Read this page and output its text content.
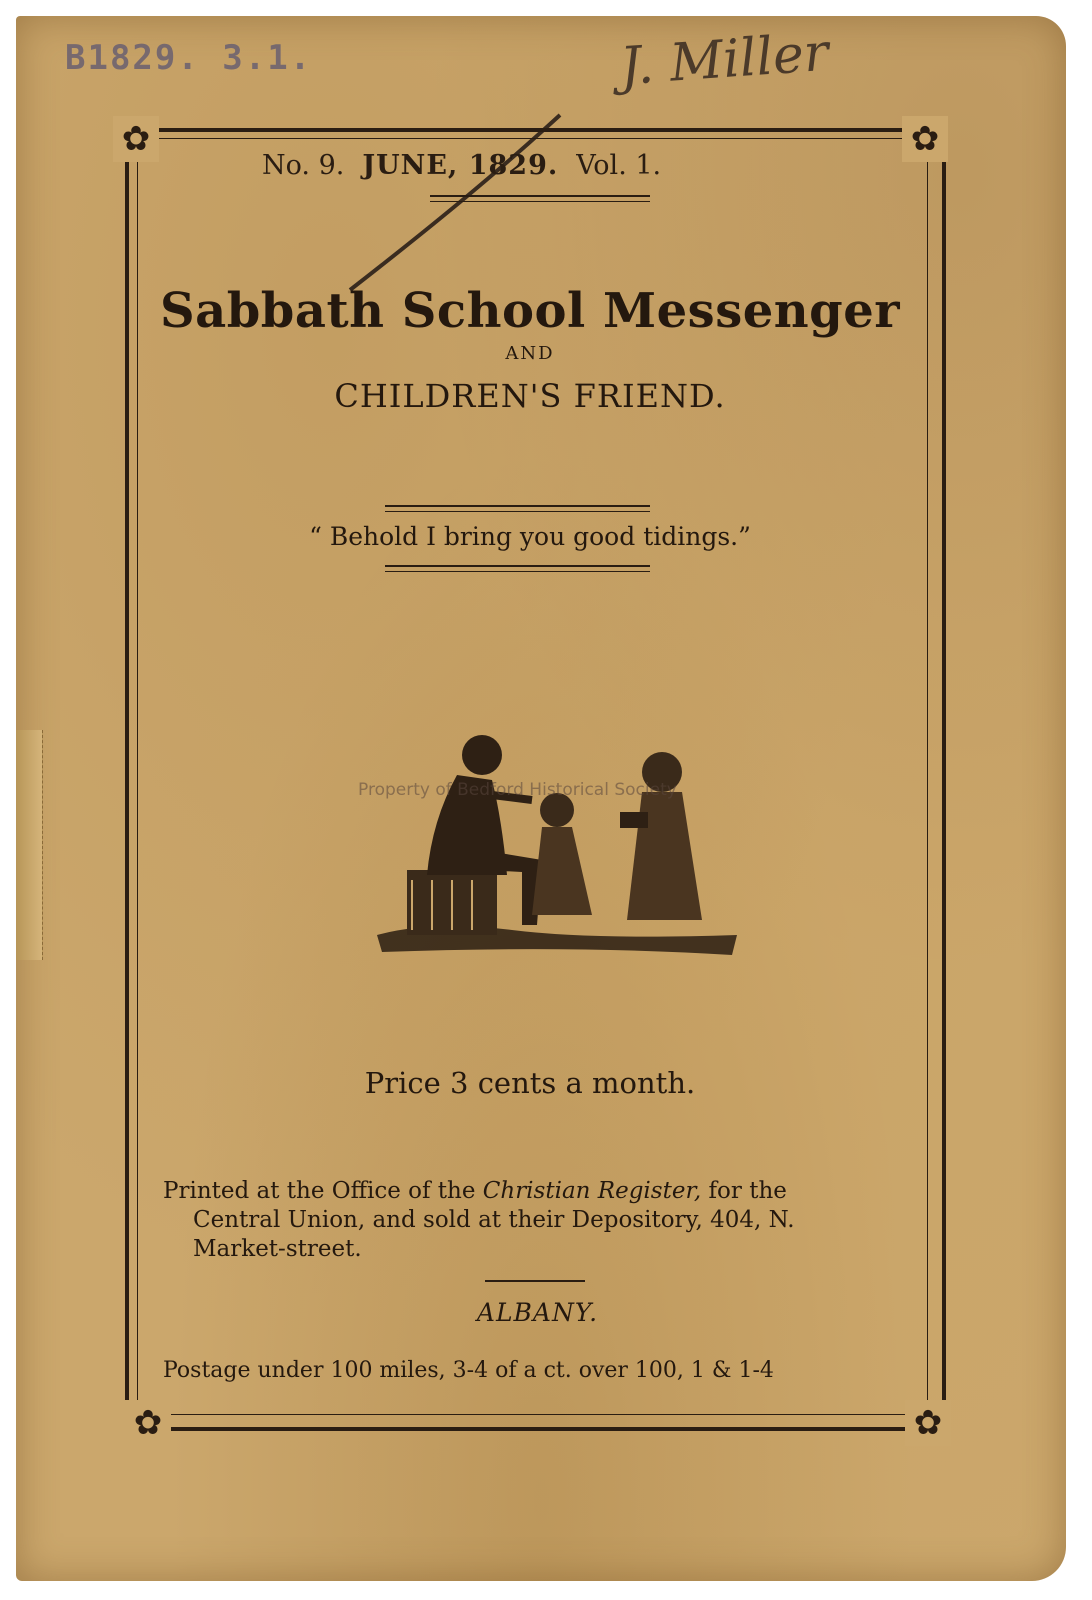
B1829. 3.1.	J. Miller
✿	✿
✿	✿
No. 9. JUNE, 1829. Vol. 1.
Sabbath School Messenger
AND
CHILDREN'S FRIEND.
“ Behold I bring you good tidings.”
Property of Bedford Historical Society
Price 3 cents a month.
Printed at the Office of the Christian Register, for the
Central Union, and sold at their Depository, 404, N.
Market-street.
ALBANY.
Postage under 100 miles, 3-4 of a ct. over 100, 1 & 1-4
